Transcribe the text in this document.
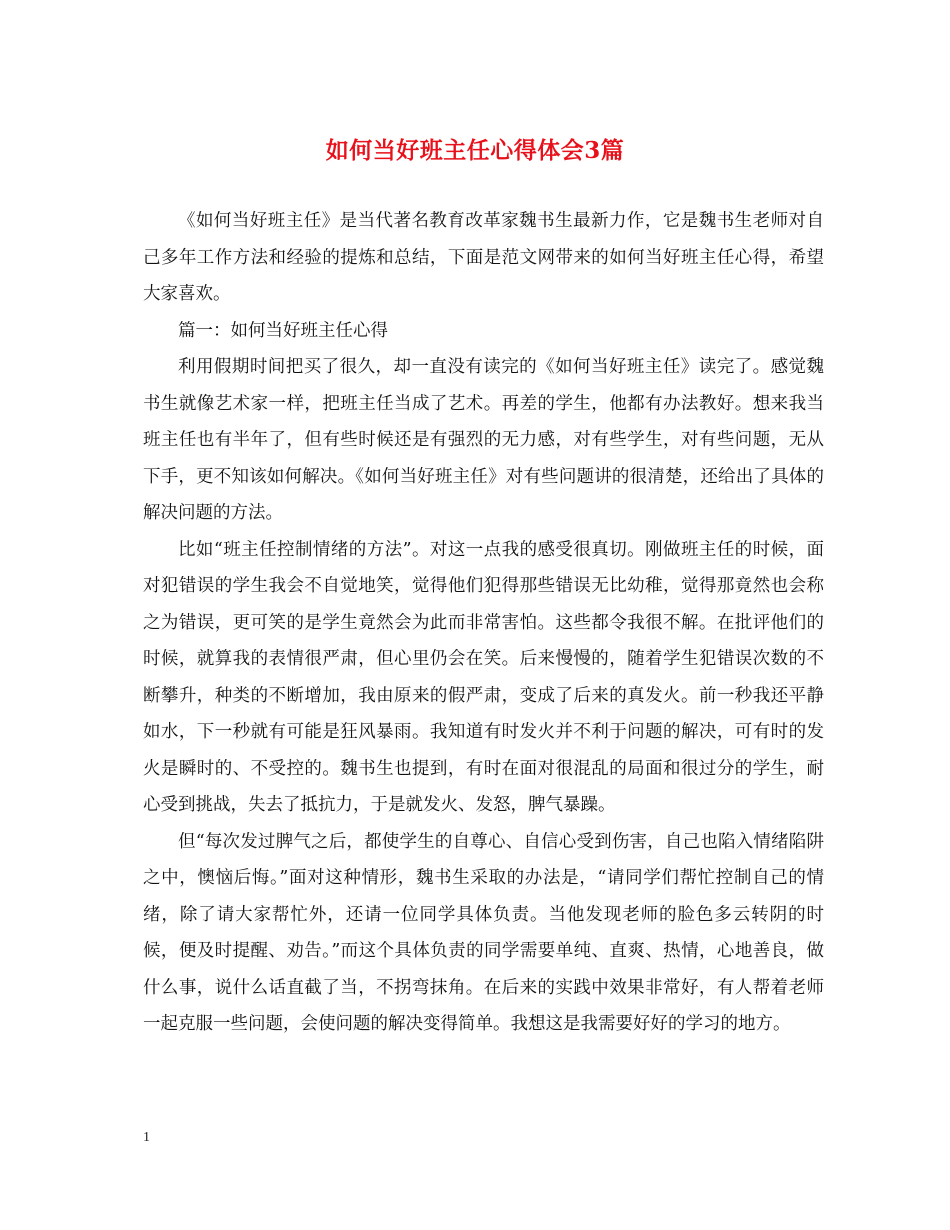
如何当好班主任心得体会3篇

《如何当好班主任》是当代著名教育改革家魏书生最新力作，它是魏书生老师对自己多年工作方法和经验的提炼和总结，下面是范文网带来的如何当好班主任心得，希望大家喜欢。

篇一：如何当好班主任心得

利用假期时间把买了很久，却一直没有读完的《如何当好班主任》读完了。感觉魏书生就像艺术家一样，把班主任当成了艺术。再差的学生，他都有办法教好。想来我当班主任也有半年了，但有些时候还是有强烈的无力感，对有些学生，对有些问题，无从下手，更不知该如何解决。《如何当好班主任》对有些问题讲的很清楚，还给出了具体的解决问题的方法。

比如“班主任控制情绪的方法”。对这一点我的感受很真切。刚做班主任的时候，面对犯错误的学生我会不自觉地笑，觉得他们犯得那些错误无比幼稚，觉得那竟然也会称之为错误，更可笑的是学生竟然会为此而非常害怕。这些都令我很不解。在批评他们的时候，就算我的表情很严肃，但心里仍会在笑。后来慢慢的，随着学生犯错误次数的不断攀升，种类的不断增加，我由原来的假严肃，变成了后来的真发火。前一秒我还平静如水，下一秒就有可能是狂风暴雨。我知道有时发火并不利于问题的解决，可有时的发火是瞬时的、不受控的。魏书生也提到，有时在面对很混乱的局面和很过分的学生，耐心受到挑战，失去了抵抗力，于是就发火、发怒，脾气暴躁。

但“每次发过脾气之后，都使学生的自尊心、自信心受到伤害，自己也陷入情绪陷阱之中，懊恼后悔。”面对这种情形，魏书生采取的办法是，“请同学们帮忙控制自己的情绪，除了请大家帮忙外，还请一位同学具体负责。当他发现老师的脸色多云转阴的时候，便及时提醒、劝告。”而这个具体负责的同学需要单纯、直爽、热情，心地善良，做什么事，说什么话直截了当，不拐弯抹角。在后来的实践中效果非常好，有人帮着老师一起克服一些问题，会使问题的解决变得简单。我想这是我需要好好的学习的地方。

1
